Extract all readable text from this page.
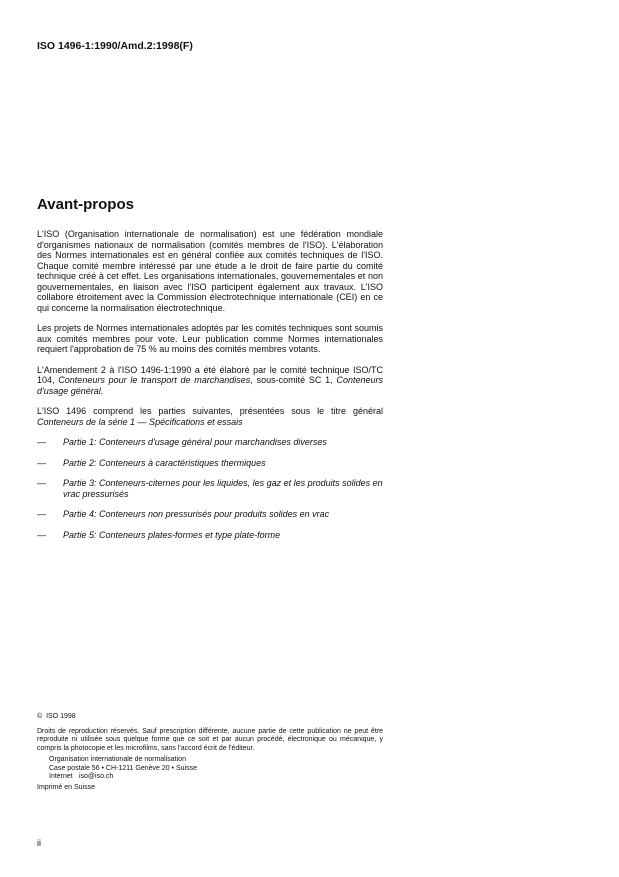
ISO 1496-1:1990/Amd.2:1998(F)
Avant-propos

L'ISO (Organisation internationale de normalisation) est une fédération mondiale d'organismes nationaux de normalisation (comités membres de l'ISO). L'élaboration des Normes internationales est en général confiée aux comités techniques de l'ISO. Chaque comité membre intéressé par une étude a le droit de faire partie du comité technique créé à cet effet. Les organisations internationales, gouvernementales et non gouvernementales, en liaison avec l'ISO participent également aux travaux. L'ISO collabore étroitement avec la Commission électrotechnique internationale (CEI) en ce qui concerne la normalisation électrotechnique.

Les projets de Normes internationales adoptés par les comités techniques sont soumis aux comités membres pour vote. Leur publication comme Normes internationales requiert l'approbation de 75 % au moins des comités membres votants.

L'Amendement 2 à l'ISO 1496-1:1990 a été élaboré par le comité technique ISO/TC 104, Conteneurs pour le transport de marchandises, sous-comité SC 1, Conteneurs d'usage général.

L'ISO 1496 comprend les parties suivantes, présentées sous le titre général Conteneurs de la série 1 — Spécifications et essais

— Partie 1: Conteneurs d'usage général pour marchandises diverses
— Partie 2: Conteneurs à caractéristiques thermiques
— Partie 3: Conteneurs-citernes pour les liquides, les gaz et les produits solides en vrac pressurisés
— Partie 4: Conteneurs non pressurisés pour produits solides en vrac
— Partie 5: Conteneurs plates-formes et type plate-forme
© ISO 1998
Droits de reproduction réservés. Sauf prescription différente, aucune partie de cette publication ne peut être reproduite ni utilisée sous quelque forme que ce soit et par aucun procédé, électronique ou mécanique, y compris la photocopie et les microfilms, sans l'accord écrit de l'éditeur.
Organisation internationale de normalisation
Case postale 56 • CH-1211 Genève 20 • Suisse
Internet iso@iso.ch
Imprimé en Suisse
ii
